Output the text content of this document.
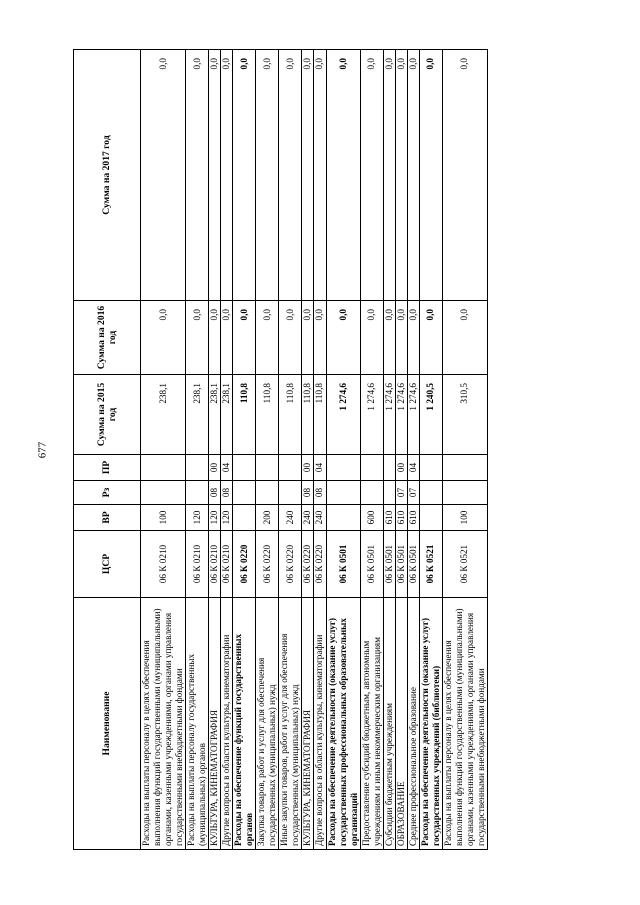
677
Наименование	ЦСР	ВР	Рз	ПР	Сумма на 2015 год	Сумма на 2016 год	Сумма на 2017 год
Расходы на выплаты персоналу в целях обеспечения выполнения функций государственными (муниципальными) органами, казенными учреждениями, органами управления государственными внебюджетными фондами	06 К 0210	100			238,1	0,0	0,0
Расходы на выплаты персоналу государственных (муниципальных) органов	06 К 0210	120			238,1	0,0	0,0
КУЛЬТУРА, КИНЕМАТОГРАФИЯ	06 К 0210	120	08	00	238,1	0,0	0,0
Другие вопросы в области культуры, кинематографии	06 К 0210	120	08	04	238,1	0,0	0,0
Расходы на обеспечение функций государственных органов	06 К 0220				110,8	0,0	0,0
Закупка товаров, работ и услуг для обеспечения государственных (муниципальных) нужд	06 К 0220	200			110,8	0,0	0,0
Иные закупки товаров, работ и услуг для обеспечения государственных (муниципальных) нужд	06 К 0220	240			110,8	0,0	0,0
КУЛЬТУРА, КИНЕМАТОГРАФИЯ	06 К 0220	240	08	00	110,8	0,0	0,0
Другие вопросы в области культуры, кинематографии	06 К 0220	240	08	04	110,8	0,0	0,0
Расходы на обеспечение деятельности (оказание услуг) государственных профессиональных образовательных организаций	06 К 0501				1 274,6	0,0	0,0
Предоставление субсидий бюджетным, автономным учреждениям и иным некоммерческим организациям	06 К 0501	600			1 274,6	0,0	0,0
Субсидии бюджетным учреждениям	06 К 0501	610			1 274,6	0,0	0,0
ОБРАЗОВАНИЕ	06 К 0501	610	07	00	1 274,6	0,0	0,0
Среднее профессиональное образование	06 К 0501	610	07	04	1 274,6	0,0	0,0
Расходы на обеспечение деятельности (оказание услуг) государственных учреждений (библиотеки)	06 К 0521				1 240,5	0,0	0,0
Расходы на выплаты персоналу в целях обеспечения выполнения функций государственными (муниципальными) органами, казенными учреждениями, органами управления государственными внебюджетными фондами	06 К 0521	100			310,5	0,0	0,0
